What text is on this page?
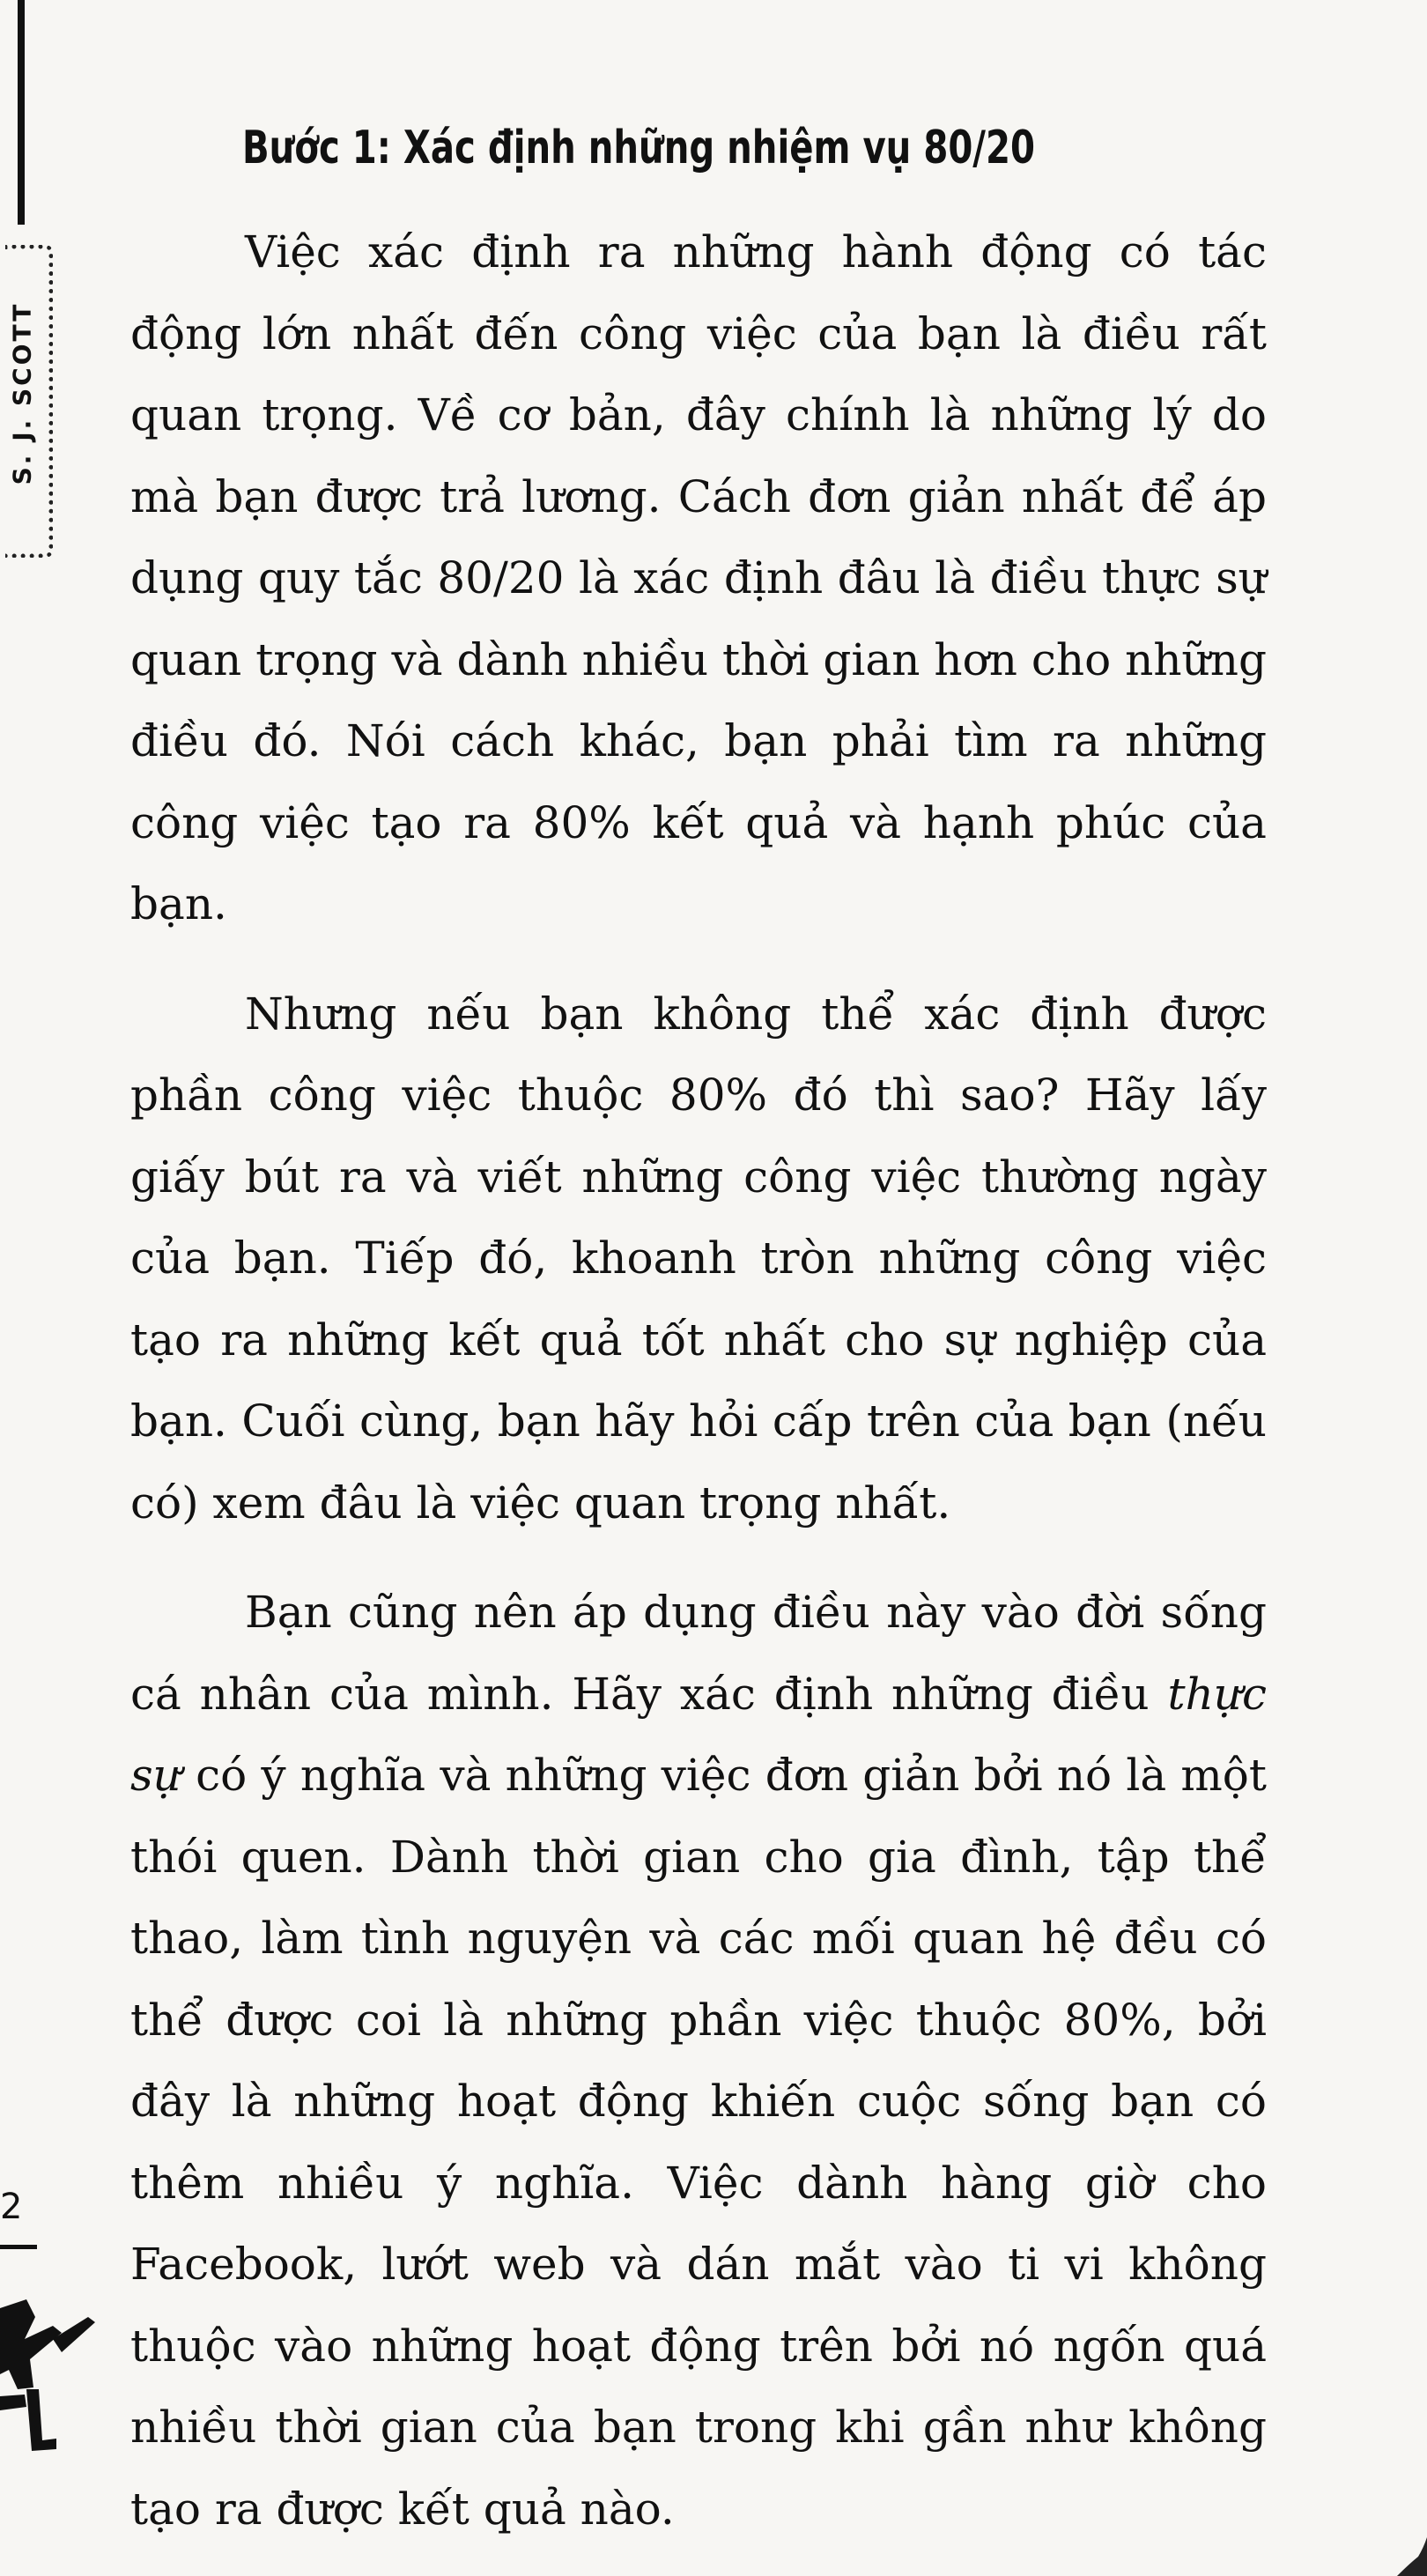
S. J. SCOTT
Bước 1: Xác định những nhiệm vụ 80/20

Việc xác định ra những hành động có tác động lớn nhất đến công việc của bạn là điều rất quan trọng. Về cơ bản, đây chính là những lý do mà bạn được trả lương. Cách đơn giản nhất để áp dụng quy tắc 80/20 là xác định đâu là điều thực sự quan trọng và dành nhiều thời gian hơn cho những điều đó. Nói cách khác, bạn phải tìm ra những công việc tạo ra 80% kết quả và hạnh phúc của bạn.

Nhưng nếu bạn không thể xác định được phần công việc thuộc 80% đó thì sao? Hãy lấy giấy bút ra và viết những công việc thường ngày của bạn. Tiếp đó, khoanh tròn những công việc tạo ra những kết quả tốt nhất cho sự nghiệp của bạn. Cuối cùng, bạn hãy hỏi cấp trên của bạn (nếu có) xem đâu là việc quan trọng nhất.

Bạn cũng nên áp dụng điều này vào đời sống cá nhân của mình. Hãy xác định những điều thực sự có ý nghĩa và những việc đơn giản bởi nó là một thói quen. Dành thời gian cho gia đình, tập thể thao, làm tình nguyện và các mối quan hệ đều có thể được coi là những phần việc thuộc 80%, bởi đây là những hoạt động khiến cuộc sống bạn có thêm nhiều ý nghĩa. Việc dành hàng giờ cho Facebook, lướt web và dán mắt vào ti vi không thuộc vào những hoạt động trên bởi nó ngốn quá nhiều thời gian của bạn trong khi gần như không tạo ra được kết quả nào.

2
